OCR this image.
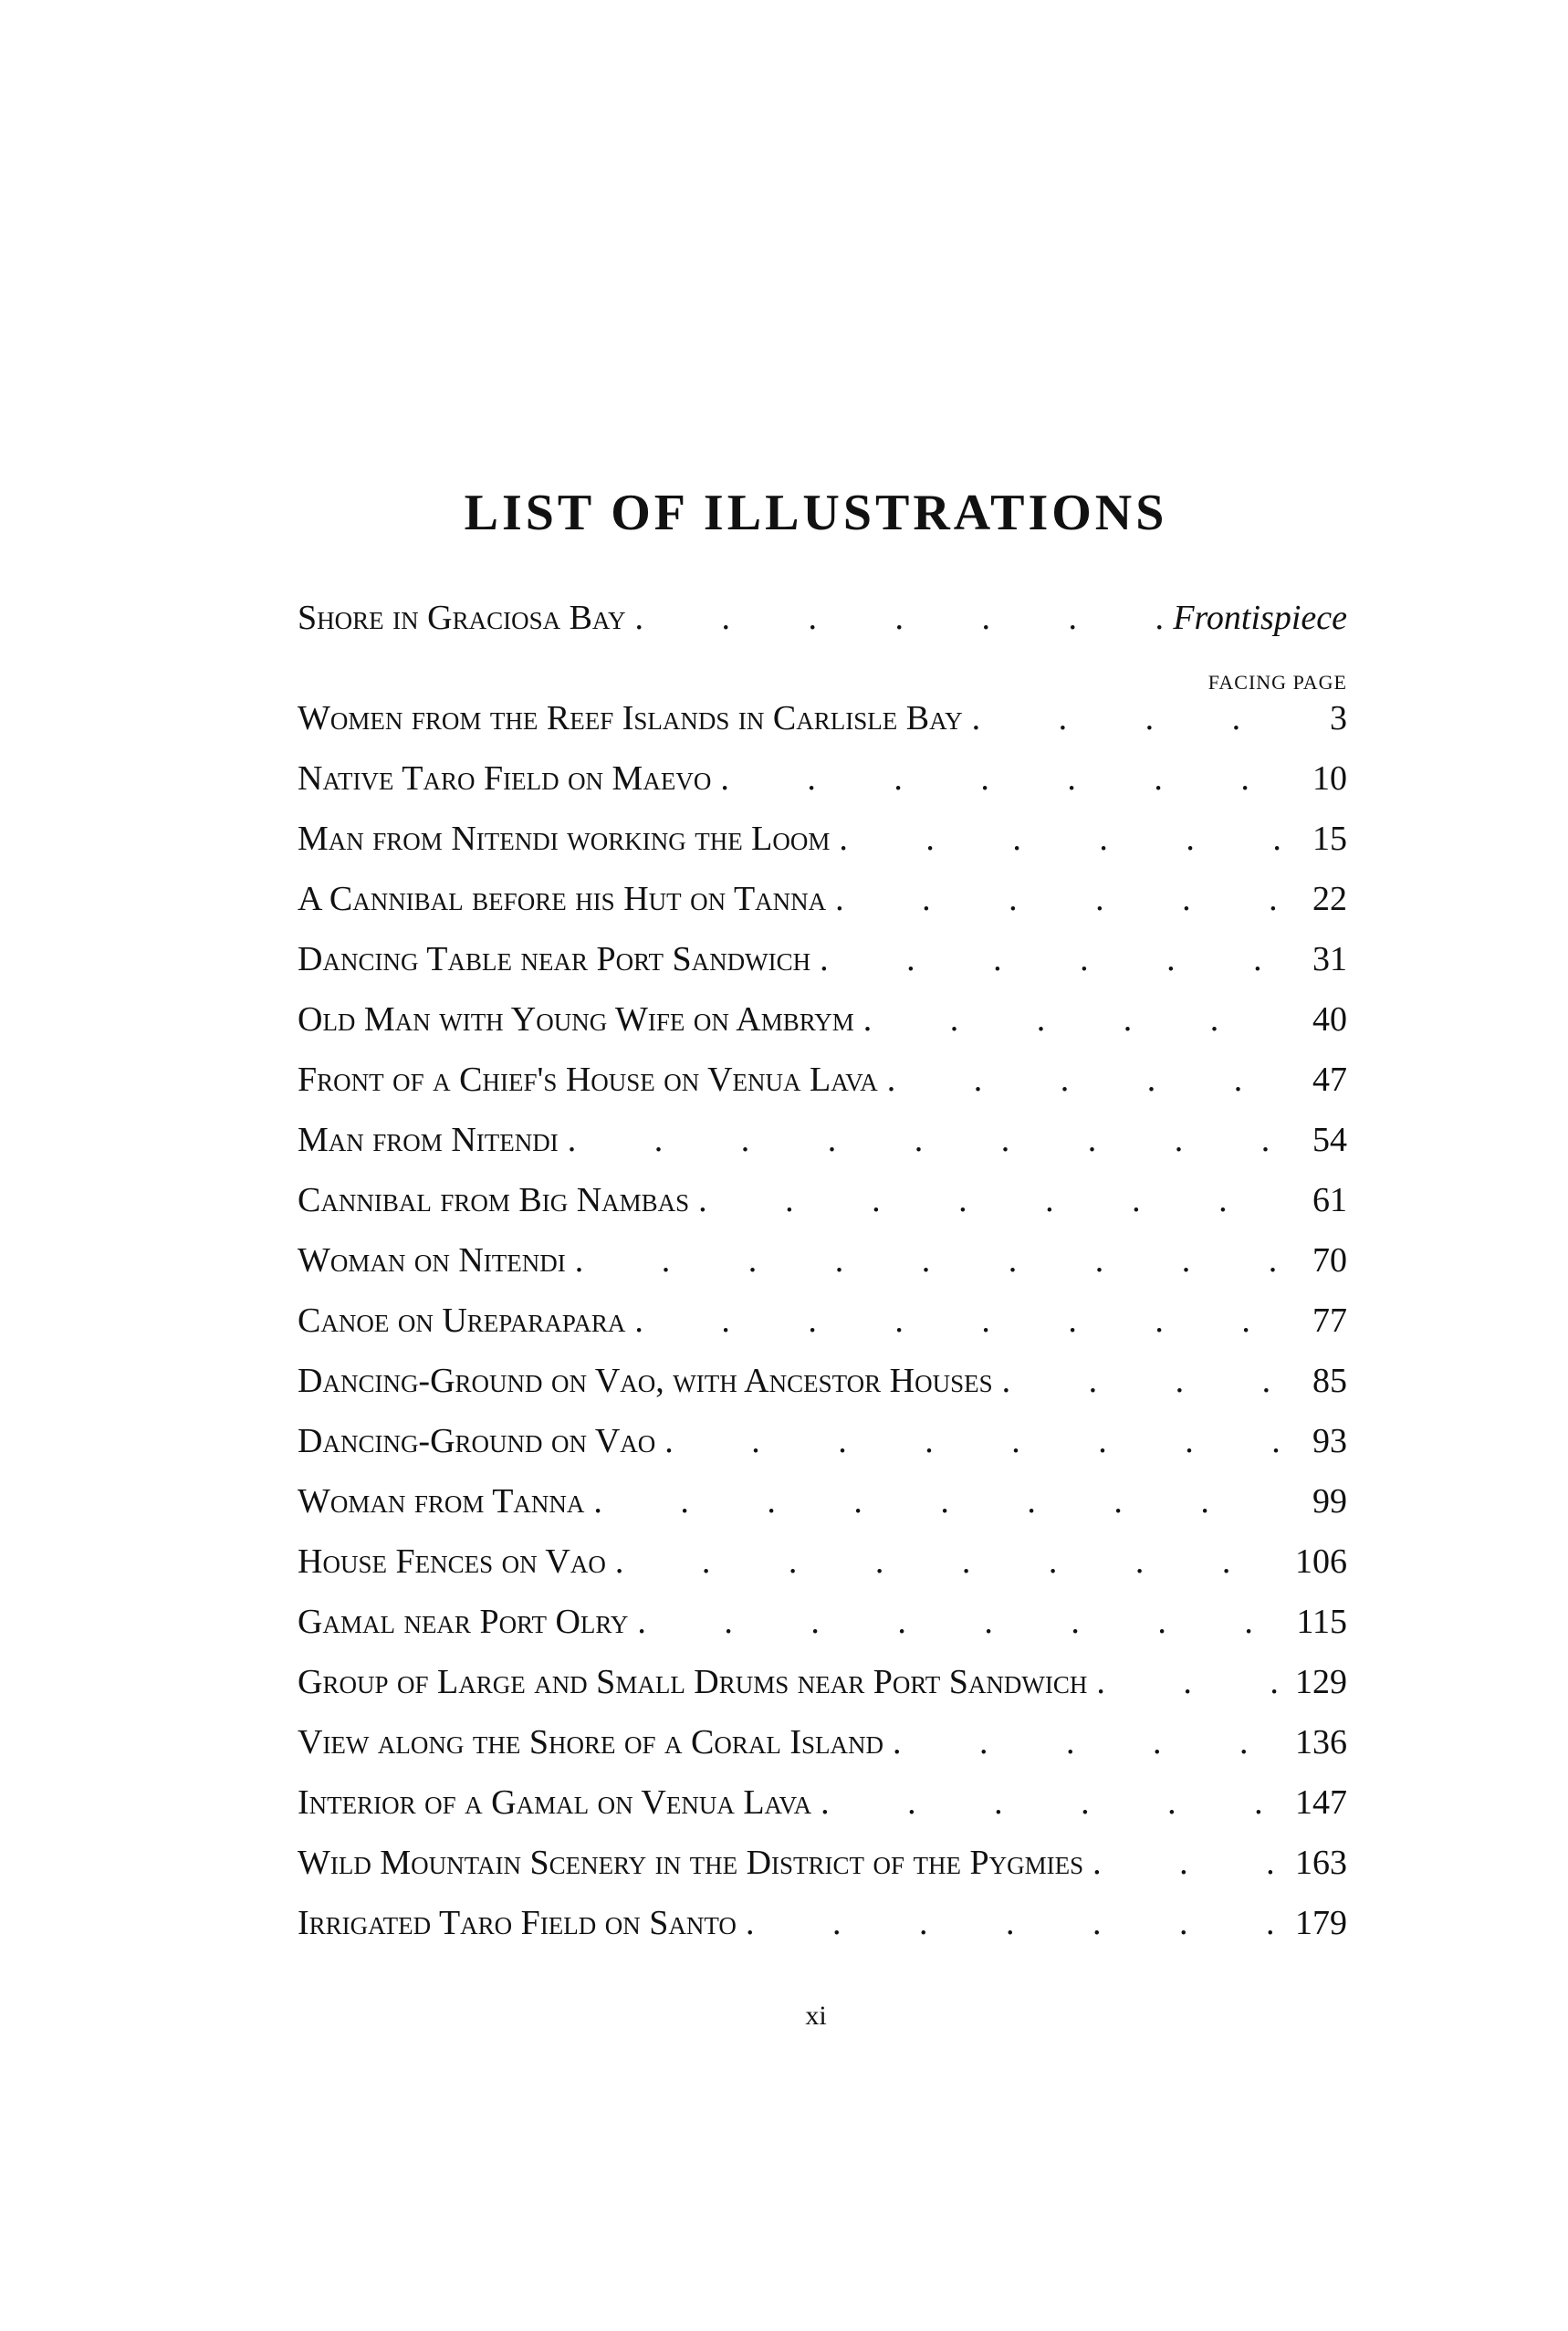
LIST OF ILLUSTRATIONS
Shore in Graciosa Bay .	Frontispiece
FACING PAGE
Women from the Reef Islands in Carlisle Bay .	3
Native Taro Field on Maevo .	10
Man from Nitendi working the Loom .	15
A Cannibal before his Hut on Tanna .	22
Dancing Table near Port Sandwich .	31
Old Man with Young Wife on Ambrym .	40
Front of a Chief's House on Venua Lava .	47
Man from Nitendi .	54
Cannibal from Big Nambas .	61
Woman on Nitendi .	70
Canoe on Ureparapara .	77
Dancing-Ground on Vao, with Ancestor Houses .	85
Dancing-Ground on Vao .	93
Woman from Tanna .	99
House Fences on Vao .	106
Gamal near Port Olry .	115
Group of Large and Small Drums near Port Sandwich .	129
View along the Shore of a Coral Island .	136
Interior of a Gamal on Venua Lava .	147
Wild Mountain Scenery in the District of the Pygmies .	163
Irrigated Taro Field on Santo .	179
xi
